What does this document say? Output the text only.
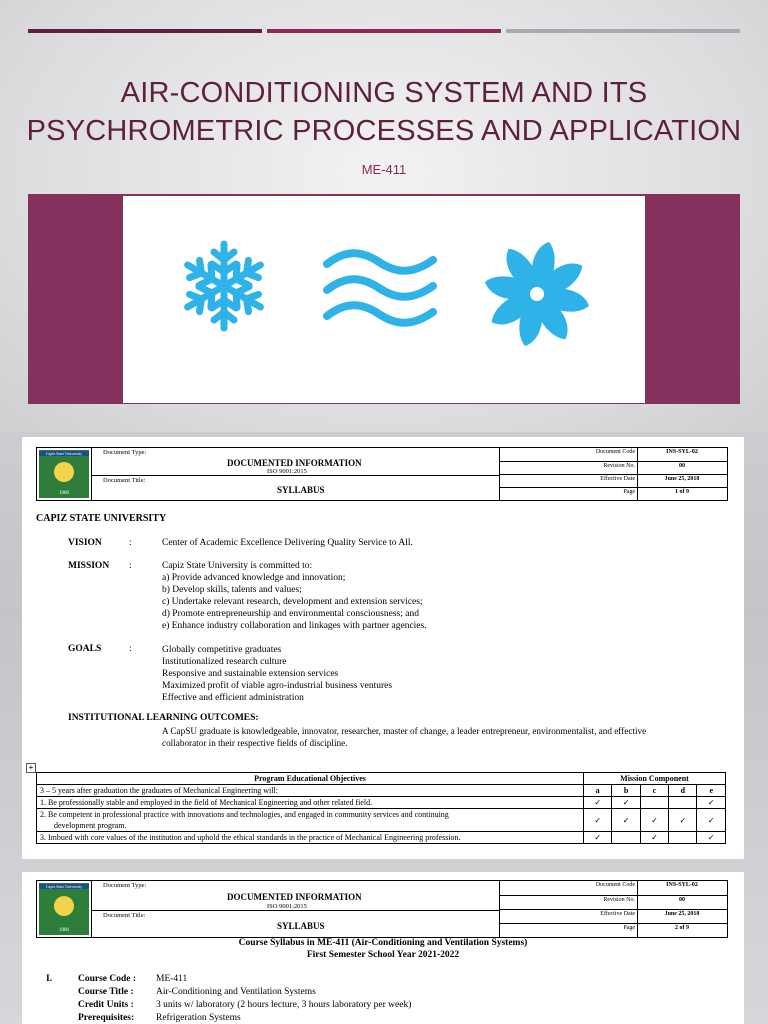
AIR-CONDITIONING SYSTEM AND ITS
PSYCHROMETRIC PROCESSES AND APPLICATION
ME-411
Capiz State University
1980
Document Type:
DOCUMENTED INFORMATION
ISO 9001:2015
Document Title:
SYLLABUS
Document Code	INS-SYL-02
Revision No.	00
Effective Date	June 25, 2018
Page	1 of 9
CAPIZ STATE UNIVERSITY
VISION	:	Center of Academic Excellence Delivering Quality Service to All.
MISSION :	Capiz State University is committed to:
a) Provide advanced knowledge and innovation;
b) Develop skills, talents and values;
c) Undertake relevant research, development and extension services;
d) Promote entrepreneurship and environmental consciousness; and
e) Enhance industry collaboration and linkages with partner agencies.
GOALS	:	Globally competitive graduates
Institutionalized research culture
Responsive and sustainable extension services
Maximized profit of viable agro-industrial business ventures
Effective and efficient administration
INSTITUTIONAL LEARNING OUTCOMES:
A CapSU graduate is knowledgeable, innovator, researcher, master of change, a leader entrepreneur, environmentalist, and effective
collaborator in their respective fields of discipline.
+
Program Educational Objectives	Mission Component				
3 – 5 years after graduation the graduates of Mechanical Engineering will:	a	b	c	d	e
1. Be professionally stable and employed in the field of Mechanical Engineering and other related field.	✓	✓			✓

2. Be competent in professional practice with innovations and technologies, and engaged in community services and continuing
development program.	✓	✓	✓	✓	✓
3. Imbued with core values of the institution and uphold the ethical standards in the practice of Mechanical Engineering profession.	✓		✓		✓
Capiz State University
1980
Document Type:
DOCUMENTED INFORMATION
ISO 9001:2015
Document Title:
SYLLABUS
Document Code	INS-SYL-02
Revision No.	00
Effective Date	June 25, 2018
Page	2 of 9
Course Syllabus in ME-411 (Air-Conditioning and Ventilation Systems)
First Semester School Year 2021-2022
I.	Course Code : ME-411
Course Title : Air-Conditioning and Ventilation Systems
Credit Units : 3 units w/ laboratory (2 hours lecture, 3 hours laboratory per week)
Prerequisites: Refrigeration Systems
